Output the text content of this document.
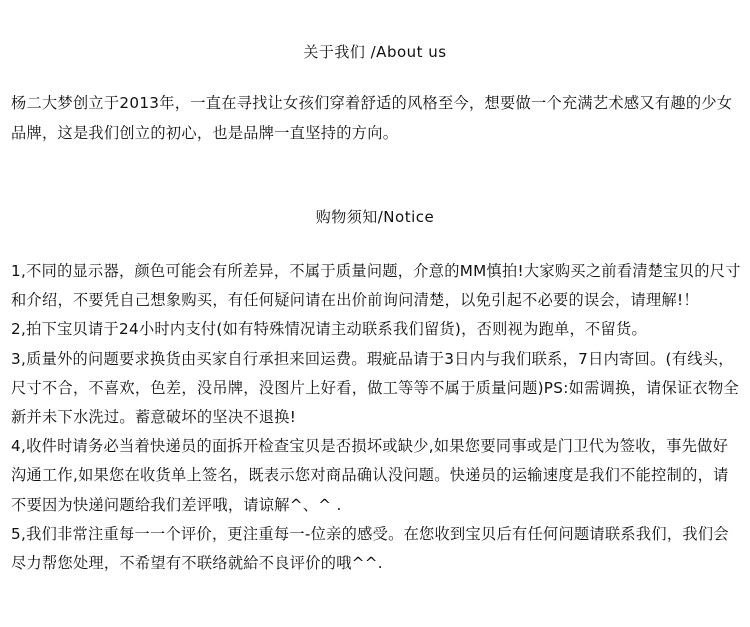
关于我们 /About us
杨二大梦创立于2013年，一直在寻找让女孩们穿着舒适的风格至今，想要做一个充满艺术感又有趣的少女品牌，这是我们创立的初心，也是品牌一直坚持的方向。
购物须知/Notice

1,不同的显示器，颜色可能会有所差异，不属于质量问题，介意的MM慎拍!大家购买之前看清楚宝贝的尺寸和介绍，不要凭自己想象购买，有任何疑问请在出价前询问清楚，以免引起不必要的误会，请理解!！

2,拍下宝贝请于24小时内支付(如有特殊情况请主动联系我们留货)，否则视为跑单，不留货。

3,质量外的问题要求换货由买家自行承担来回运费。瑕疵品请于3日内与我们联系，7日内寄回。(有线头，尺寸不合，不喜欢，色差，没吊牌，没图片上好看，做工等等不属于质量问题)PS:如需调换，请保证衣物全新并未下水洗过。蓄意破坏的坚决不退换!

4,收件时请务必当着快递员的面拆开检查宝贝是否损坏或缺少,如果您要同事或是门卫代为签收，事先做好沟通工作,如果您在收货单上签名，既表示您对商品确认没问题。快递员的运输速度是我们不能控制的，请不要因为快递问题给我们差评哦，请谅解^、^ .

5,我们非常注重每一一个评价，更注重每一-位亲的感受。在您收到宝贝后有任何问题请联系我们，我们会尽力帮您处理，不希望有不联络就給不良评价的哦^^.
